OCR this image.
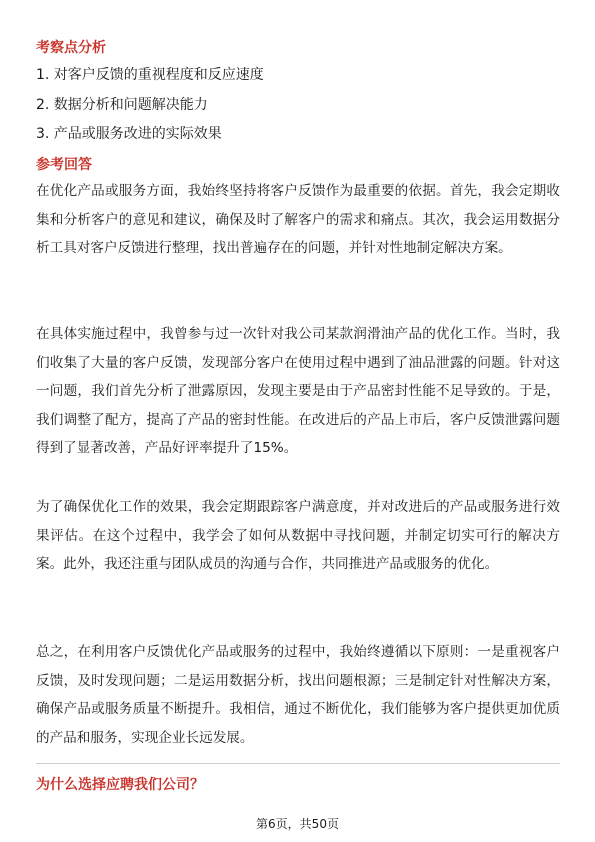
考察点分析
1. 对客户反馈的重视程度和反应速度
2. 数据分析和问题解决能力
3. 产品或服务改进的实际效果
参考回答

在优化产品或服务方面，我始终坚持将客户反馈作为最重要的依据。首先，我会定期收集和分析客户的意见和建议，确保及时了解客户的需求和痛点。其次，我会运用数据分析工具对客户反馈进行整理，找出普遍存在的问题，并针对性地制定解决方案。

在具体实施过程中，我曾参与过一次针对我公司某款润滑油产品的优化工作。当时，我们收集了大量的客户反馈，发现部分客户在使用过程中遇到了油品泄露的问题。针对这一问题，我们首先分析了泄露原因，发现主要是由于产品密封性能不足导致的。于是，我们调整了配方，提高了产品的密封性能。在改进后的产品上市后，客户反馈泄露问题得到了显著改善，产品好评率提升了15%。

为了确保优化工作的效果，我会定期跟踪客户满意度，并对改进后的产品或服务进行效果评估。在这个过程中，我学会了如何从数据中寻找问题，并制定切实可行的解决方案。此外，我还注重与团队成员的沟通与合作，共同推进产品或服务的优化。

总之，在利用客户反馈优化产品或服务的过程中，我始终遵循以下原则：一是重视客户反馈，及时发现问题；二是运用数据分析，找出问题根源；三是制定针对性解决方案，确保产品或服务质量不断提升。我相信，通过不断优化，我们能够为客户提供更加优质的产品和服务，实现企业长远发展。

为什么选择应聘我们公司？
第6页，共50页
